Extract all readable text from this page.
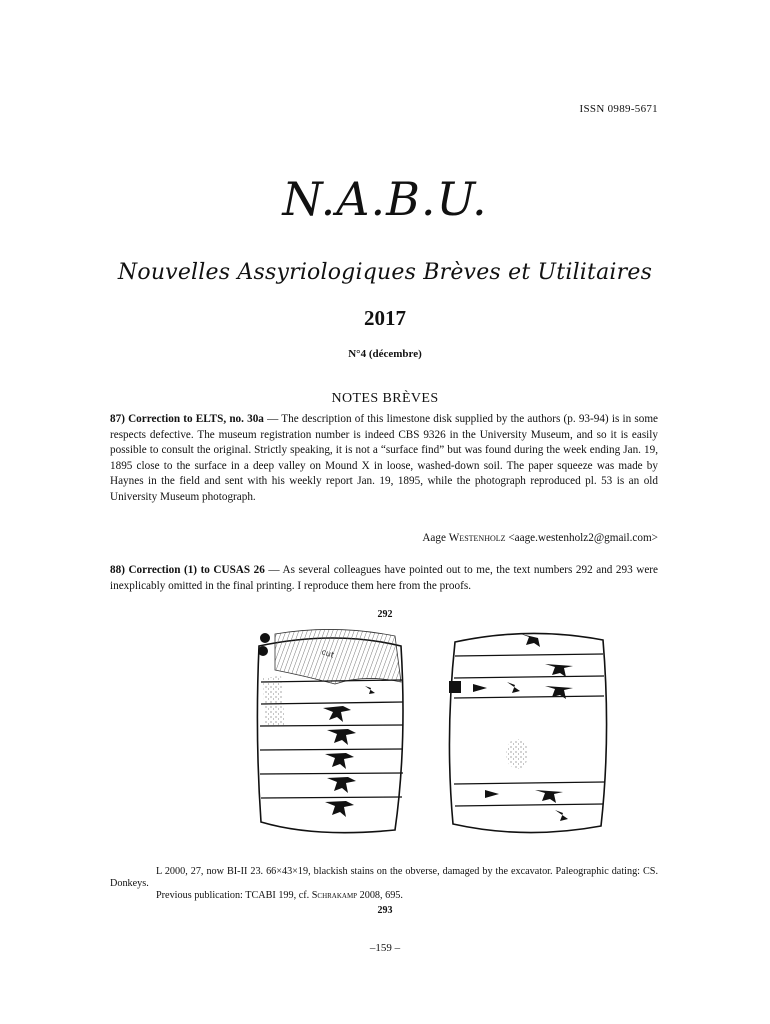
ISSN 0989-5671
N.A.B.U.
Nouvelles Assyriologiques Brèves et Utilitaires
2017
N°4 (décembre)
NOTES BRÈVES
87) Correction to ELTS, no. 30a — The description of this limestone disk supplied by the authors (p. 93-94) is in some respects defective. The museum registration number is indeed CBS 9326 in the University Museum, and so it is easily possible to consult the original. Strictly speaking, it is not a “surface find” but was found during the week ending Jan. 19, 1895 close to the surface in a deep valley on Mound X in loose, washed-down soil. The paper squeeze was made by Haynes in the field and sent with his weekly report Jan. 19, 1895, while the photograph reproduced pl. 53 is an old University Museum photograph.
Aage Westenholz <aage.westenholz2@gmail.com>
88) Correction (1) to CUSAS 26 — As several colleagues have pointed out to me, the text numbers 292 and 293 were inexplicably omitted in the final printing. I reproduce them here from the proofs.
292
cut
L 2000, 27, now BI-II 23. 66×43×19, blackish stains on the obverse, damaged by the excavator. Paleographic dating: CS. Donkeys.
Previous publication: TCABI 199, cf. Schrakamp 2008, 695.
293
–159 –
